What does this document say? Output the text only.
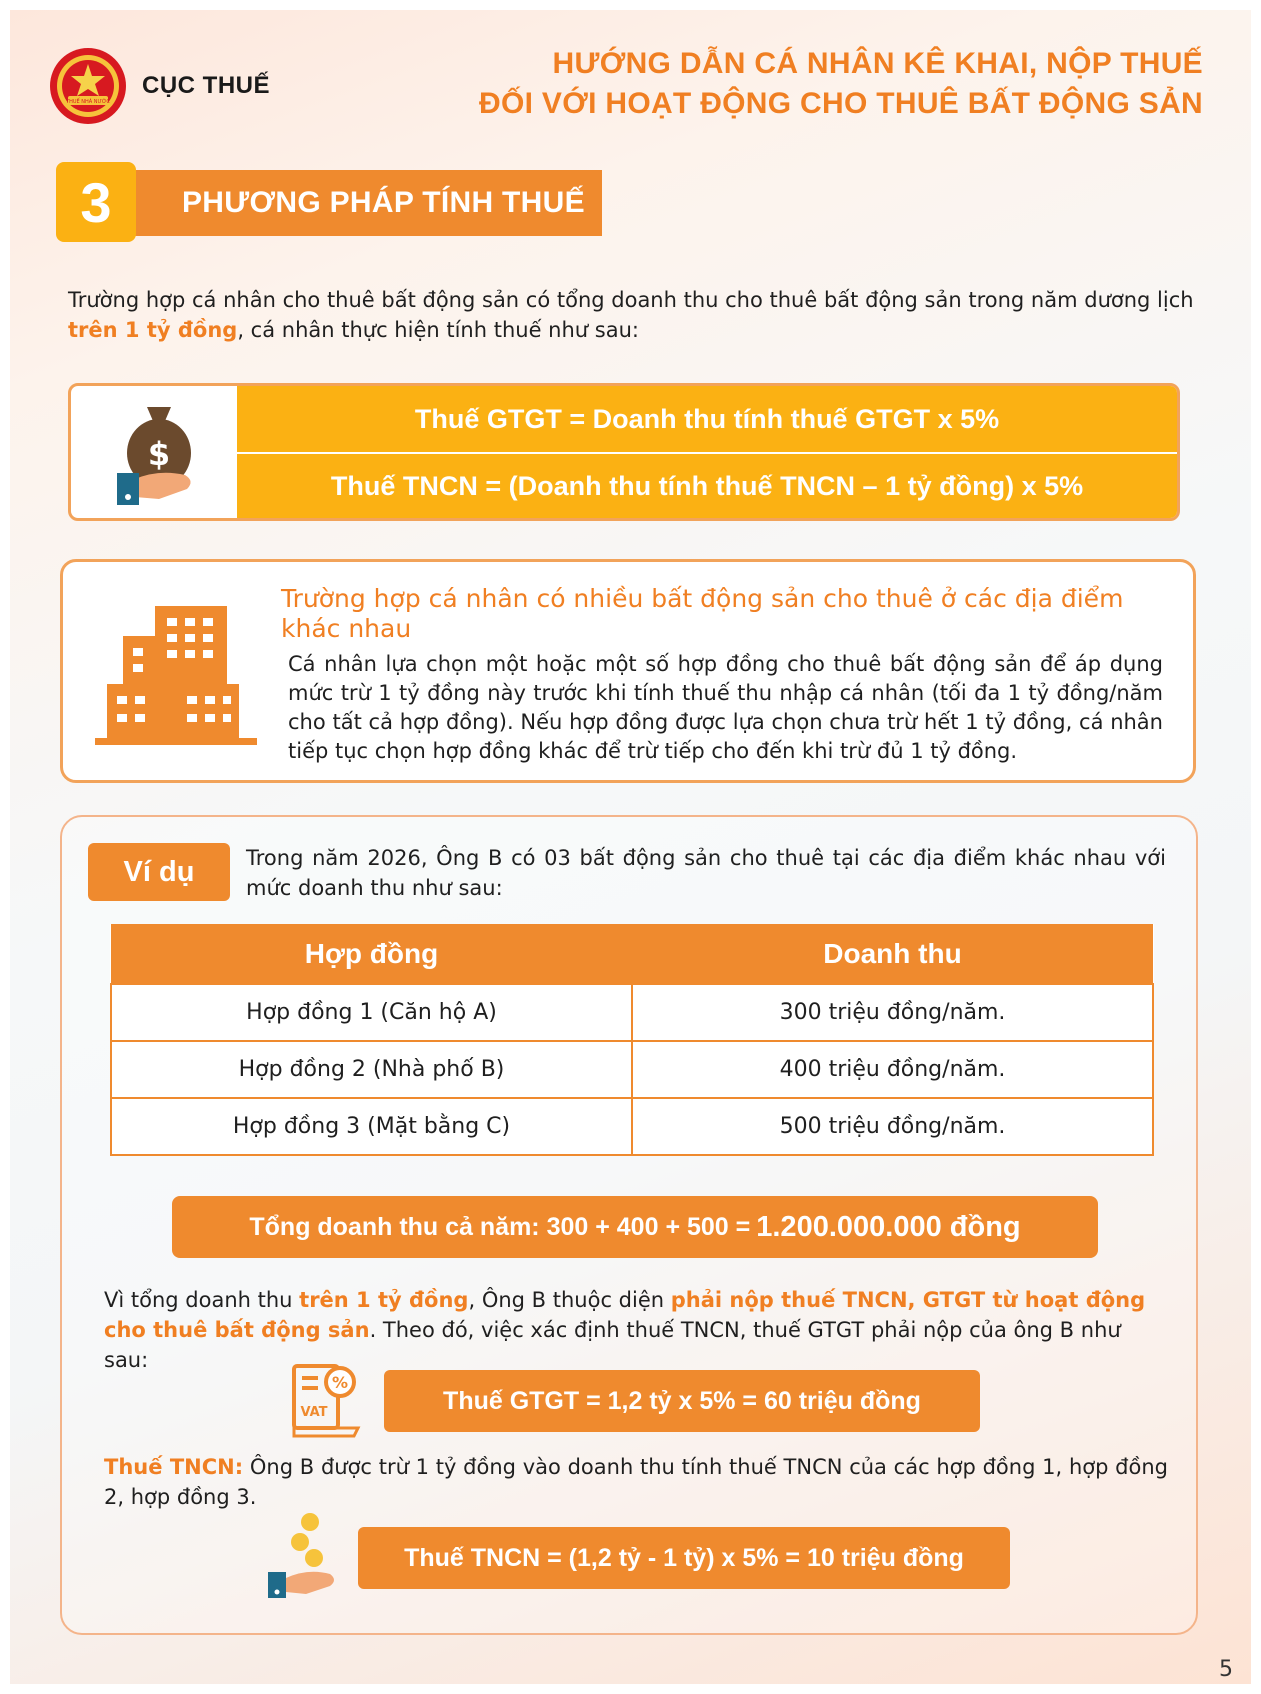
THUẾ NHÀ NƯỚC
CỤC THUẾ
HƯỚNG DẪN CÁ NHÂN KÊ KHAI, NỘP THUẾ
ĐỐI VỚI HOẠT ĐỘNG CHO THUÊ BẤT ĐỘNG SẢN
PHƯƠNG PHÁP TÍNH THUẾ
3

Trường hợp cá nhân cho thuê bất động sản có tổng doanh thu cho thuê bất động sản trong năm dương lịch trên 1 tỷ đồng, cá nhân thực hiện tính thuế như sau:

$
Thuế GTGT = Doanh thu tính thuế GTGT x 5%
Thuế TNCN = (Doanh thu tính thuế TNCN – 1 tỷ đồng) x 5%
Trường hợp cá nhân có nhiều bất động sản cho thuê ở các địa điểm khác nhau

Cá nhân lựa chọn một hoặc một số hợp đồng cho thuê bất động sản để áp dụng mức trừ 1 tỷ đồng này trước khi tính thuế thu nhập cá nhân (tối đa 1 tỷ đồng/năm cho tất cả hợp đồng). Nếu hợp đồng được lựa chọn chưa trừ hết 1 tỷ đồng, cá nhân tiếp tục chọn hợp đồng khác để trừ tiếp cho đến khi trừ đủ 1 tỷ đồng.

Ví dụ	Trong năm 2026, Ông B có 03 bất động sản cho thuê tại các địa điểm khác nhau với mức doanh thu như sau:

Hợp đồng	Doanh thu
Hợp đồng 1 (Căn hộ A)	300 triệu đồng/năm.
Hợp đồng 2 (Nhà phố B)	400 triệu đồng/năm.
Hợp đồng 3 (Mặt bằng C)	500 triệu đồng/năm.
Tổng doanh thu cả năm: 300 + 400 + 500 = 1.200.000.000 đồng

Vì tổng doanh thu trên 1 tỷ đồng, Ông B thuộc diện phải nộp thuế TNCN, GTGT từ hoạt động cho thuê bất động sản. Theo đó, việc xác định thuế TNCN, thuế GTGT phải nộp của ông B như sau:

%
VAT	Thuế GTGT = 1,2 tỷ x 5% = 60 triệu đồng

Thuế TNCN: Ông B được trừ 1 tỷ đồng vào doanh thu tính thuế TNCN của các hợp đồng 1, hợp đồng 2, hợp đồng 3.

Thuế TNCN = (1,2 tỷ - 1 tỷ) x 5% = 10 triệu đồng
5
